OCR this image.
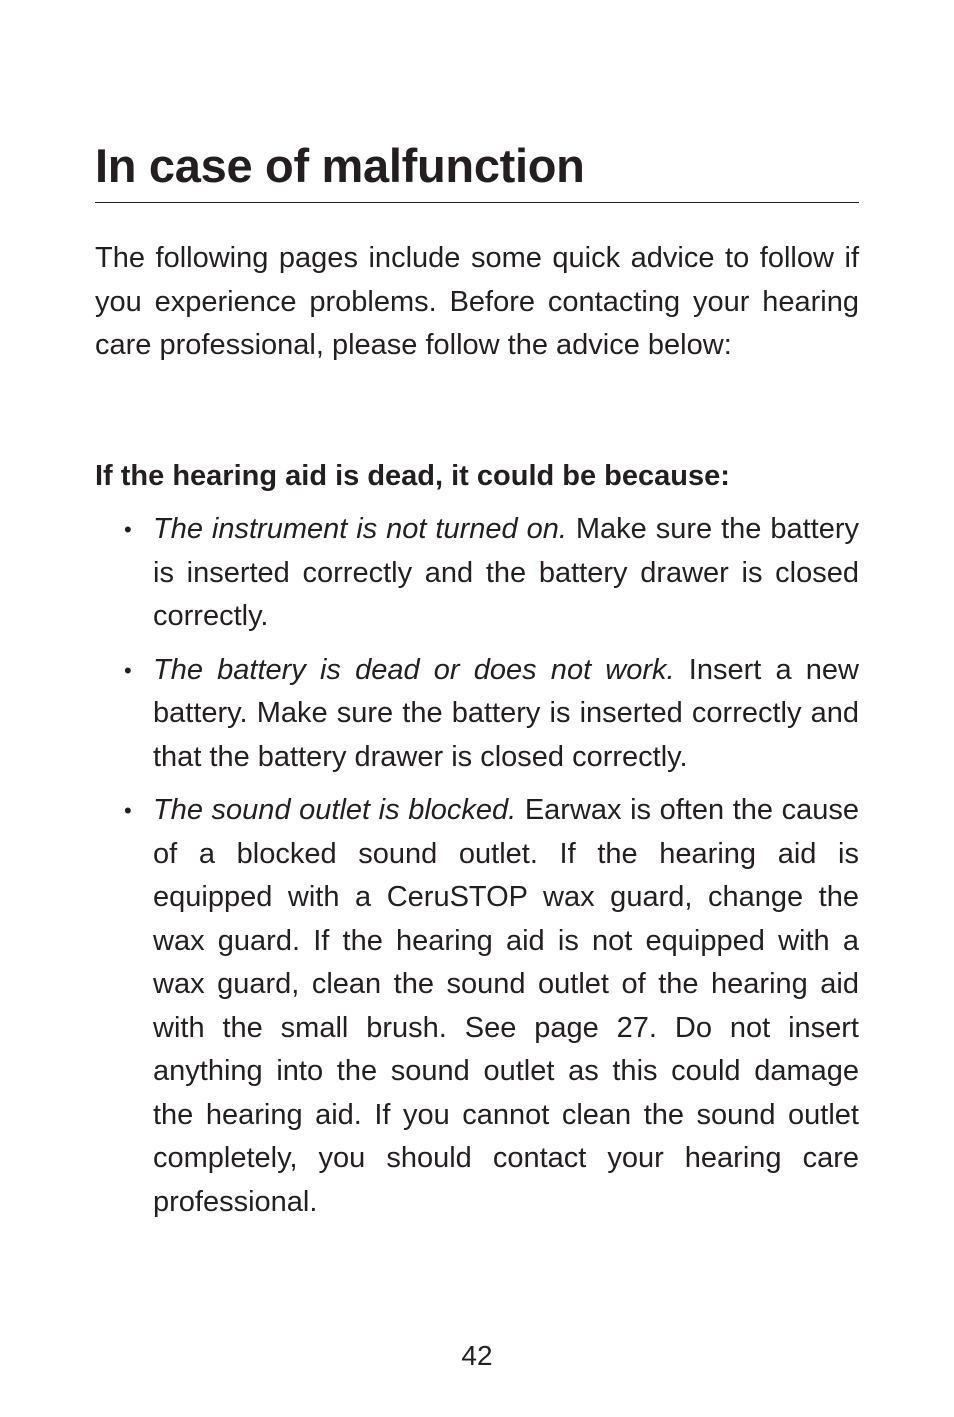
In case of malfunction

The following pages include some quick advice to follow if you experience problems. Before contacting your hearing care professional, please follow the advice below:

If the hearing aid is dead, it could be because:

• The instrument is not turned on. Make sure the battery is inserted correctly and the battery drawer is closed correctly.
• The battery is dead or does not work. Insert a new battery. Make sure the battery is inserted correctly and that the battery drawer is closed correctly.
• The sound outlet is blocked. Earwax is often the cause of a blocked sound outlet. If the hearing aid is equipped with a CeruSTOP wax guard, change the wax guard. If the hearing aid is not equipped with a wax guard, clean the sound outlet of the hearing aid with the small brush. See page 27. Do not insert anything into the sound outlet as this could damage the hearing aid. If you cannot clean the sound outlet completely, you should contact your hearing care professional.
42
